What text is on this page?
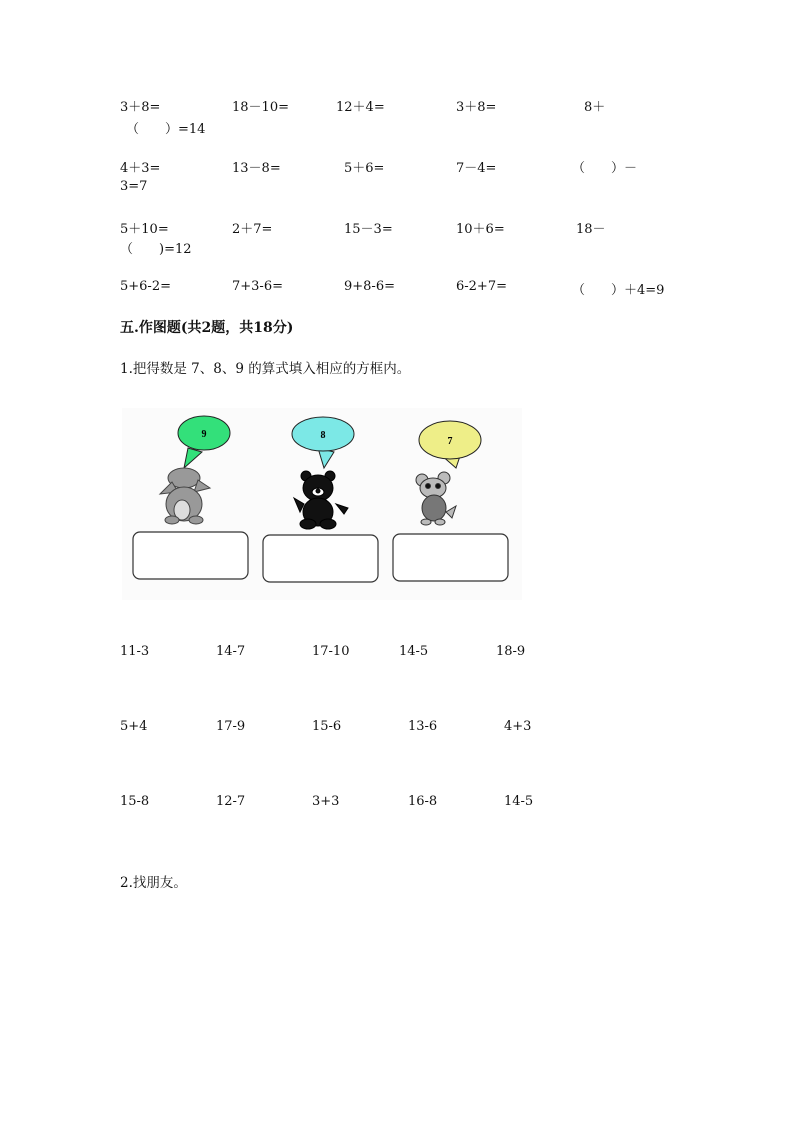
3＋8=	18－10=	12＋4=	3＋8=	8＋
（　　）=14
4＋3=	13－8=	5＋6=	7－4=	（　　）－
3=7
5＋10=	2＋7=	15－3=	10＋6=	18－
（　　)=12
5+6-2=	7+3-6=	9+8-6=	6-2+7=	（　　）＋4=9
五.作图题(共2题，共18分)
1.把得数是 7、8、9 的算式填入相应的方框内。
9	8
7
11-3	14-7	17-10	14-5	18-9
5+4	17-9	15-6	13-6	4+3
15-8	12-7	3+3	16-8	14-5
2.找朋友。
